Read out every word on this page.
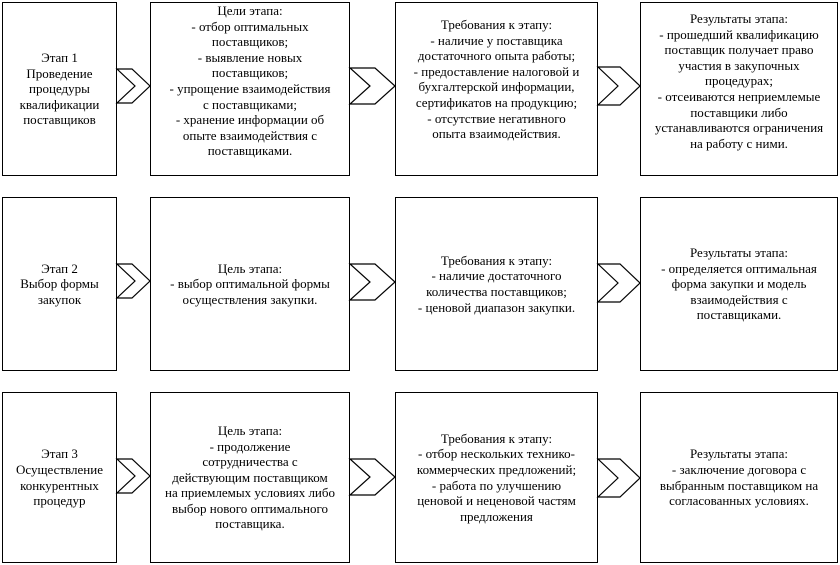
Этап 1
Проведение
процедуры
квалификации
поставщиков
Цели этапа:
- отбор оптимальных
поставщиков;
- выявление новых
поставщиков;
- упрощение взаимодействия
с поставщиками;
- хранение информации об
опыте взаимодействия с
поставщиками.
Требования к этапу:
- наличие у поставщика
достаточного опыта работы;
- предоставление налоговой и
бухгалтерской информации,
сертификатов на продукцию;
- отсутствие негативного
опыта взаимодействия.
Результаты этапа:
- прошедший квалификацию
поставщик получает право
участия в закупочных
процедурах;
- отсеиваются неприемлемые
поставщики либо
устанавливаются ограничения
на работу с ними.
Этап 2
Выбор формы
закупок
Цель этапа:
- выбор оптимальной формы
осуществления закупки.
Требования к этапу:
- наличие достаточного
количества поставщиков;
- ценовой диапазон закупки.
Результаты этапа:
- определяется оптимальная
форма закупки и модель
взаимодействия с
поставщиками.
Этап 3
Осуществление
конкурентных
процедур
Цель этапа:
- продолжение
сотрудничества с
действующим поставщиком
на приемлемых условиях либо
выбор нового оптимального
поставщика.
Требования к этапу:
- отбор нескольких технико-
коммерческих предложений;
- работа по улучшению
ценовой и неценовой частям
предложения
Результаты этапа:
- заключение договора с
выбранным поставщиком на
согласованных условиях.
